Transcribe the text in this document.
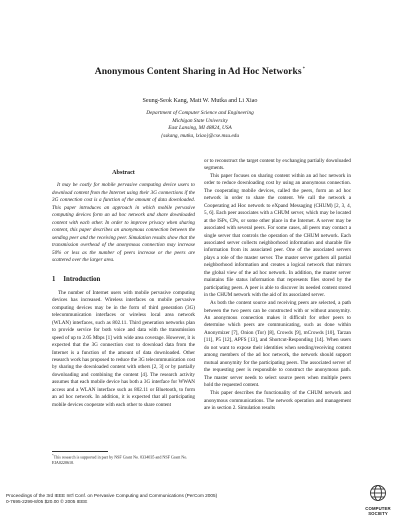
Anonymous Content Sharing in Ad Hoc Networks*
Seung-Seok Kang, Matt W. Mutka and Li Xiao
Department of Computer Science and Engineering
Michigan State University
East Lansing, MI 48824, USA
{sskang, mutka, lxiao}@cse.msu.edu
Abstract

It may be costly for mobile pervasive computing device users to download content from the Internet using their 3G connections if the 3G connection cost is a function of the amount of data downloaded. This paper introduces an approach in which mobile pervasive computing devices form an ad hoc network and share downloaded content with each other. In order to improve privacy when sharing content, this paper describes an anonymous connection between the sending peer and the receiving peer. Simulation results show that the transmission overhead of the anonymous connection may increase 50% or less as the number of peers increase or the peers are scattered over the larger area.

1 Introduction

The number of Internet users with mobile pervasive computing devices has increased. Wireless interfaces on mobile pervasive computing devices may be in the form of third generation (3G) telecommunication interfaces or wireless local area network (WLAN) interfaces, such as 802.11. Third generation networks plan to provide service for both voice and data with the transmission speed of up to 2.05 Mbps [1] with wide area coverage. However, it is expected that the 3G connection cost to download data from the Internet is a function of the amount of data downloaded. Other research work has proposed to reduce the 3G telecommunication cost by sharing the downloaded content with others [2, 3] or by partially downloading and combining the content [4]. The research activity assumes that each mobile device has both a 3G interface for WWAN access and a WLAN interface such as 802.11 or Bluetooth, to form an ad hoc network. In addition, it is expected that all participating mobile devices cooperate with each other to share content

*This research is supported in part by NSF Grant No. 0334035 and NSF Grant No. EIA0220610.

or to reconstruct the target content by exchanging partially downloaded segments.

This paper focuses on sharing content within an ad hoc network in order to reduce downloading cost by using an anonymous connection. The cooperating mobile devices, called the peers, form an ad hoc network in order to share the content. We call the network a Cooperating ad Hoc network to eXpand Messaging (CHUM) [2, 3, 4, 5, 6]. Each peer associates with a CHUM server, which may be located at the ISPs, CPs, or some other place in the Internet. A server may be associated with several peers. For some cases, all peers may contact a single server that controls the operation of the CHUM network. Each associated server collects neighborhood information and sharable file information from its associated peer. One of the associated servers plays a role of the master server. The master server gathers all partial neighborhood information and creates a logical network that mirrors the global view of the ad hoc network. In addition, the master server maintains file status information that represents files stored by the participating peers. A peer is able to discover its needed content stored in the CHUM network with the aid of its associated server.

As both the content source and receiving peers are selected, a path between the two peers can be constructed with or without anonymity. An anonymous connection makes it difficult for other peers to determine which peers are communicating, such as done within Anonymizer [7], Onion (Tor) [8], Crowds [9], mCrowds [10], Tarzan [11], P5 [12], APFS [13], and Shortcut-Responding [14]. When users do not want to expose their identities when sending/receiving content among members of the ad hoc network, the network should support mutual anonymity for the participating peers. The associated server of the requesting peer is responsible to construct the anonymous path. The master server needs to select source peers when multiple peers hold the requested content.

This paper describes the functionality of the CHUM network and anonymous communications. The network operation and management are in section 2. Simulation results

Proceedings of the 3rd IEEE Int'l Conf. on Pervasive Computing and Communications (PerCom 2005)
0-7695-2299-8/05 $20.00 © 2005 IEEE
COMPUTER
SOCIETY
